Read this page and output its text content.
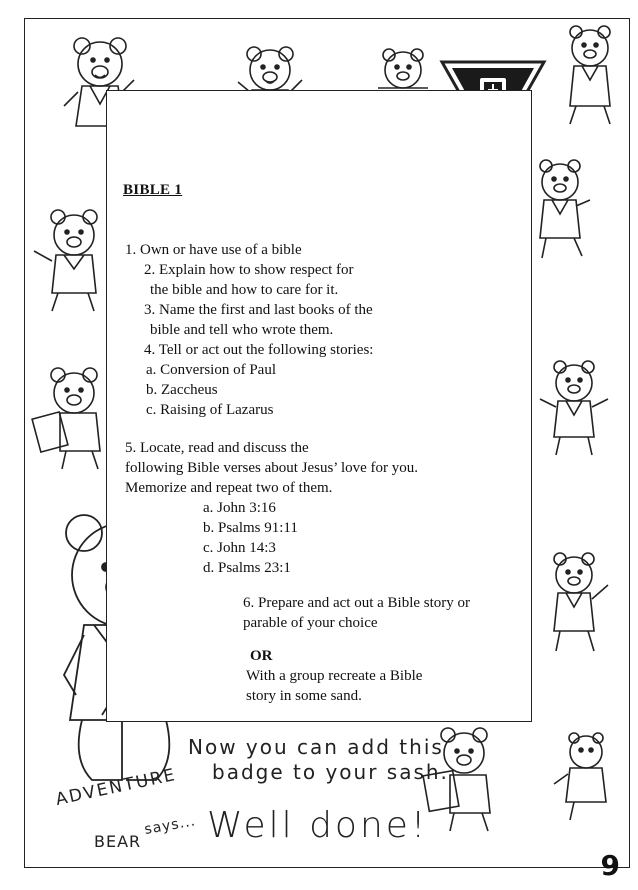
BIBLE 1
1. Own or have use of a bible
2. Explain how to show respect for
the bible and how to care for it.
3. Name the first and last books of the
bible and tell who wrote them.
4. Tell or act out the following stories:
a. Conversion of Paul
b. Zaccheus
c. Raising of Lazarus
5. Locate, read and discuss the
following Bible verses about Jesus’ love for you.
Memorize and repeat two of them.
a. John 3:16
b. Psalms 91:11
c. John 14:3
d. Psalms 23:1
6. Prepare and act out a Bible story or
parable of your choice
OR
With a group recreate a Bible
story in some sand.
Now you can add this
badge to your sash.
ADVENTURE
BEAR
says... Well done!
9
